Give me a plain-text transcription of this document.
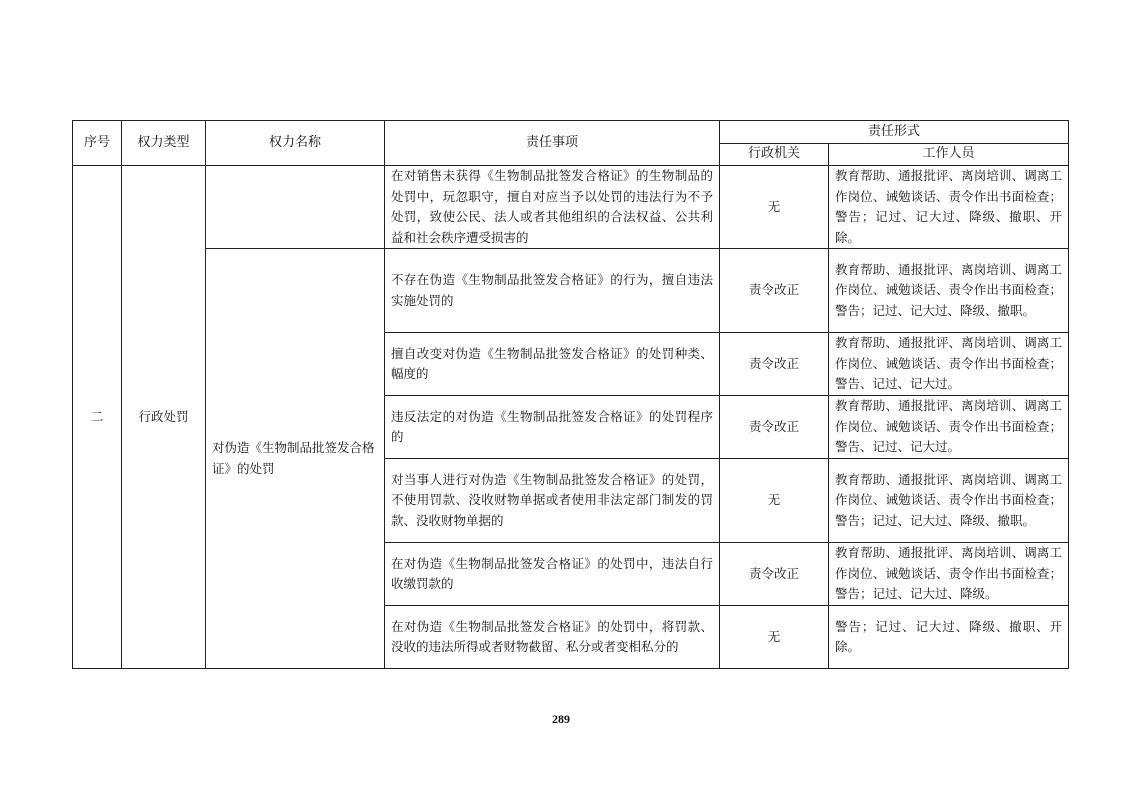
序号	权力类型	权力名称	责任事项	责任形式	
				行政机关	工作人员
二	行政处罚		在对销售未获得《生物制品批签发合格证》的生物制品的处罚中，玩忽职守，擅自对应当予以处罚的违法行为不予处罚，致使公民、法人或者其他组织的合法权益、公共利益和社会秩序遭受损害的	无	教育帮助、通报批评、离岗培训、调离工作岗位、诫勉谈话、责令作出书面检查；警告；记过、记大过、降级、撤职、开除。
		对伪造《生物制品批签发合格证》的处罚	不存在伪造《生物制品批签发合格证》的行为，擅自违法实施处罚的	责令改正	教育帮助、通报批评、离岗培训、调离工作岗位、诫勉谈话、责令作出书面检查；警告；记过、记大过、降级、撤职。
			擅自改变对伪造《生物制品批签发合格证》的处罚种类、幅度的	责令改正	教育帮助、通报批评、离岗培训、调离工作岗位、诫勉谈话、责令作出书面检查；警告、记过、记大过。
			违反法定的对伪造《生物制品批签发合格证》的处罚程序的	责令改正	教育帮助、通报批评、离岗培训、调离工作岗位、诫勉谈话、责令作出书面检查；警告、记过、记大过。
			对当事人进行对伪造《生物制品批签发合格证》的处罚，不使用罚款、没收财物单据或者使用非法定部门制发的罚款、没收财物单据的	无	教育帮助、通报批评、离岗培训、调离工作岗位、诫勉谈话、责令作出书面检查；警告；记过、记大过、降级、撤职。
			在对伪造《生物制品批签发合格证》的处罚中，违法自行收缴罚款的	责令改正	教育帮助、通报批评、离岗培训、调离工作岗位、诫勉谈话、责令作出书面检查；警告；记过、记大过、降级。
			在对伪造《生物制品批签发合格证》的处罚中，将罚款、没收的违法所得或者财物截留、私分或者变相私分的	无	警告；记过、记大过、降级、撤职、开除。
289
